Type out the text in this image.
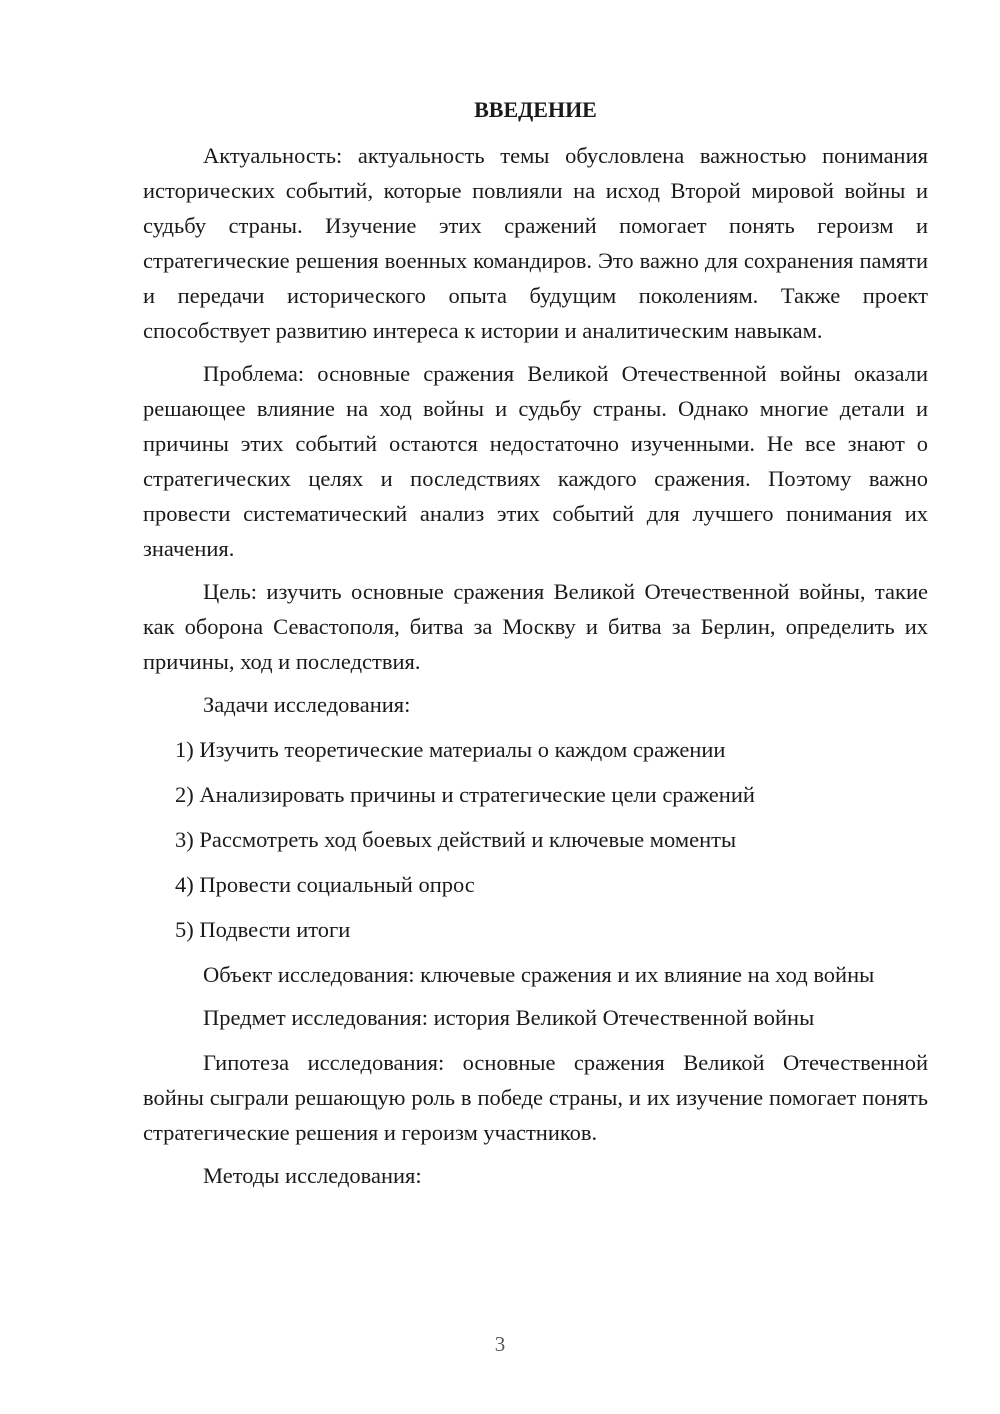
ВВЕДЕНИЕ

Актуальность: актуальность темы обусловлена важностью понимания исторических событий, которые повлияли на исход Второй мировой войны и судьбу страны. Изучение этих сражений помогает понять героизм и стратегические решения военных командиров. Это важно для сохранения памяти и передачи исторического опыта будущим поколениям. Также проект способствует развитию интереса к истории и аналитическим навыкам.

Проблема: основные сражения Великой Отечественной войны оказали решающее влияние на ход войны и судьбу страны. Однако многие детали и причины этих событий остаются недостаточно изученными. Не все знают о стратегических целях и последствиях каждого сражения. Поэтому важно провести систематический анализ этих событий для лучшего понимания их значения.

Цель: изучить основные сражения Великой Отечественной войны, такие как оборона Севастополя, битва за Москву и битва за Берлин, определить их причины, ход и последствия.

Задачи исследования:

1) Изучить теоретические материалы о каждом сражении
2) Анализировать причины и стратегические цели сражений
3) Рассмотреть ход боевых действий и ключевые моменты
4) Провести социальный опрос
5) Подвести итоги

Объект исследования: ключевые сражения и их влияние на ход войны

Предмет исследования: история Великой Отечественной войны

Гипотеза исследования: основные сражения Великой Отечественной войны сыграли решающую роль в победе страны, и их изучение помогает понять стратегические решения и героизм участников.

Методы исследования:

3
